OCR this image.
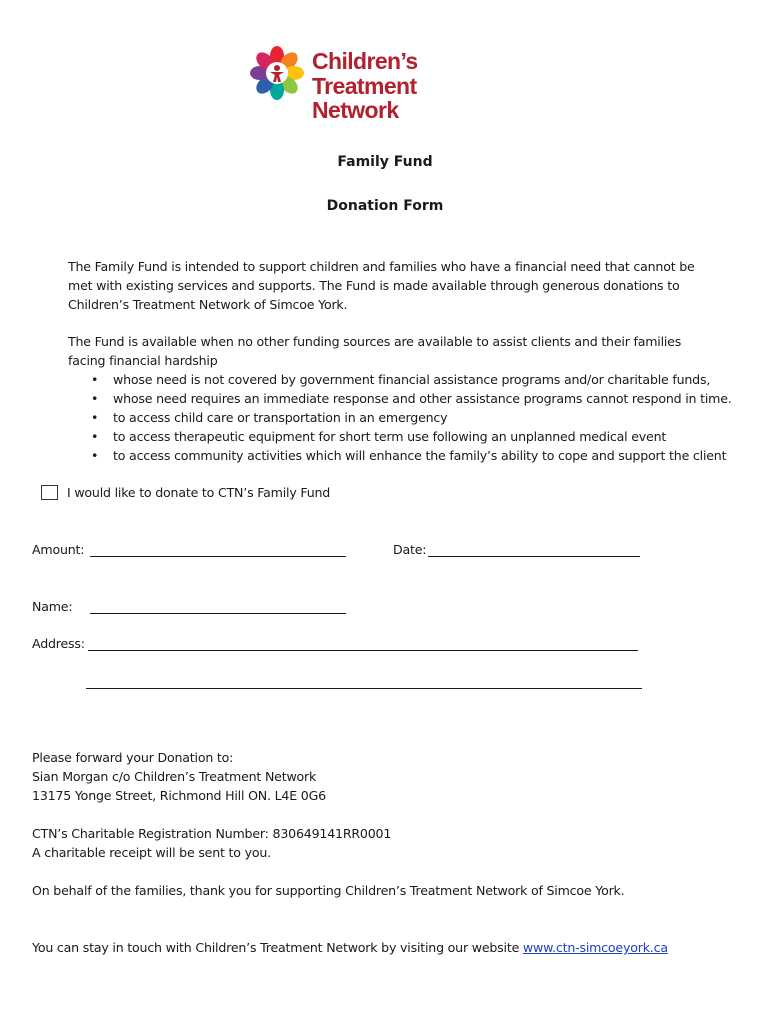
Children’s
Treatment Network
Family Fund
Donation Form
The Family Fund is intended to support children and families who have a financial need that cannot be
met with existing services and supports. The Fund is made available through generous donations to
Children’s Treatment Network of Simcoe York.
The Fund is available when no other funding sources are available to assist clients and their families
facing financial hardship
• whose need is not covered by government financial assistance programs and/or charitable funds,
• whose need requires an immediate response and other assistance programs cannot respond in time.
• to access child care or transportation in an emergency
• to access therapeutic equipment for short term use following an unplanned medical event
• to access community activities which will enhance the family’s ability to cope and support the client
I would like to donate to CTN’s Family Fund
Amount:	Date:
Name:
Address:
Please forward your Donation to:
Sian Morgan c/o Children’s Treatment Network
13175 Yonge Street, Richmond Hill ON. L4E 0G6
CTN’s Charitable Registration Number: 830649141RR0001
A charitable receipt will be sent to you.
On behalf of the families, thank you for supporting Children’s Treatment Network of Simcoe York.
You can stay in touch with Children’s Treatment Network by visiting our website www.ctn-simcoeyork.ca
